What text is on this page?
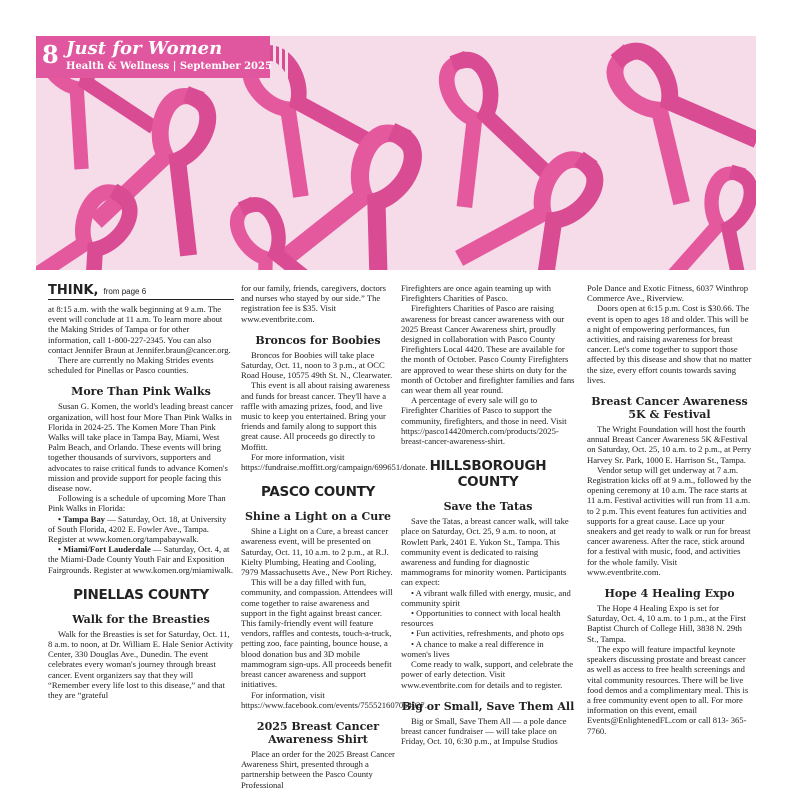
8 Just for Women
Health & Wellness | September 2025
THINK, from page 6

at 8:15 a.m. with the walk beginning at 9 a.m. The event will conclude at 11 a.m. To learn more about the Making Strides of Tampa or for other information, call 1-800-227-2345. You can also contact Jennifer Braun at Jennifer.braun@cancer.org.

There are currently no Making Strides events scheduled for Pinellas or Pasco counties.

More Than Pink Walks

Susan G. Komen, the world's leading breast cancer organization, will host four More Than Pink Walks in Florida in 2024-25. The Komen More Than Pink Walks will take place in Tampa Bay, Miami, West Palm Beach, and Orlando. These events will bring together thousands of survivors, supporters and advocates to raise critical funds to advance Komen's mission and provide support for people facing this disease now.

Following is a schedule of upcoming More Than Pink Walks in Florida:

• Tampa Bay — Saturday, Oct. 18, at University of South Florida, 4202 E. Fowler Ave., Tampa. Register at www.komen.org/tampabaywalk.

• Miami/Fort Lauderdale — Saturday, Oct. 4, at the Miami-Dade County Youth Fair and Exposition Fairgrounds. Register at www.komen.org/miamiwalk.

PINELLAS COUNTY
Walk for the Breasties

Walk for the Breasties is set for Saturday, Oct. 11, 8 a.m. to noon, at Dr. William E. Hale Senior Activity Center, 330 Douglas Ave., Dunedin. The event celebrates every woman's journey through breast cancer. Event organizers say that they will “Remember every life lost to this disease,” and that they are “grateful

for our family, friends, caregivers, doctors and nurses who stayed by our side.” The registration fee is $35. Visit www.eventbrite.com.

Broncos for Boobies

Broncos for Boobies will take place Saturday, Oct. 11, noon to 3 p.m., at OCC Road House, 10575 49th St. N., Clearwater.

This event is all about raising awareness and funds for breast cancer. They'll have a raffle with amazing prizes, food, and live music to keep you entertained. Bring your friends and family along to support this great cause. All proceeds go directly to Moffitt.

For more information, visit https://fundraise.moffitt.org/campaign/699651/donate.

PASCO COUNTY
Shine a Light on a Cure

Shine a Light on a Cure, a breast cancer awareness event, will be presented on Saturday, Oct. 11, 10 a.m. to 2 p.m., at R.J. Kielty Plumbing, Heating and Cooling, 7979 Massachusetts Ave., New Port Richey.

This will be a day filled with fun, community, and compassion. Attendees will come together to raise awareness and support in the fight against breast cancer. This family-friendly event will feature vendors, raffles and contests, touch-a-truck, petting zoo, face painting, bounce house, a blood donation bus and 3D mobile mammogram sign-ups. All proceeds benefit breast cancer awareness and support initiatives.

For information, visit https://www.facebook.com/events/755521607064927.

2025 Breast Cancer Awareness Shirt

Place an order for the 2025 Breast Cancer Awareness Shirt, presented through a partnership between the Pasco County Professional

Firefighters are once again teaming up with Firefighters Charities of Pasco.

Firefighters Charities of Pasco are raising awareness for breast cancer awareness with our 2025 Breast Cancer Awareness shirt, proudly designed in collaboration with Pasco County Firefighters Local 4420. These are available for the month of October. Pasco County Firefighters are approved to wear these shirts on duty for the month of October and firefighter families and fans can wear them all year round.

A percentage of every sale will go to Firefighter Charities of Pasco to support the community, firefighters, and those in need. Visit https://pasco14420merch.com/products/2025-breast-cancer-awareness-shirt.

HILLSBOROUGH COUNTY
Save the Tatas

Save the Tatas, a breast cancer walk, will take place on Saturday, Oct. 25, 9 a.m. to noon, at Rowlett Park, 2401 E. Yukon St., Tampa. This community event is dedicated to raising awareness and funding for diagnostic mammograms for minority women. Participants can expect:

• A vibrant walk filled with energy, music, and community spirit

• Opportunities to connect with local health resources

• Fun activities, refreshments, and photo ops

• A chance to make a real difference in women's lives

Come ready to walk, support, and celebrate the power of early detection. Visit www.eventbrite.com for details and to register.

Big or Small, Save Them All

Big or Small, Save Them All — a pole dance breast cancer fundraiser — will take place on Friday, Oct. 10, 6:30 p.m., at Impulse Studios

Pole Dance and Exotic Fitness, 6037 Winthrop Commerce Ave., Riverview.

Doors open at 6:15 p.m. Cost is $30.66. The event is open to ages 18 and older. This will be a night of empowering performances, fun activities, and raising awareness for breast cancer. Let's come together to support those affected by this disease and show that no matter the size, every effort counts towards saving lives.

Breast Cancer Awareness 5K & Festival

The Wright Foundation will host the fourth annual Breast Cancer Awareness 5K &Festival on Saturday, Oct. 25, 10 a.m. to 2 p.m., at Perry Harvey Sr. Park, 1000 E. Harrison St., Tampa.

Vendor setup will get underway at 7 a.m. Registration kicks off at 9 a.m., followed by the opening ceremony at 10 a.m. The race starts at 11 a.m. Festival activities will run from 11 a.m. to 2 p.m. This event features fun activities and supports for a great cause. Lace up your sneakers and get ready to walk or run for breast cancer awareness. After the race, stick around for a festival with music, food, and activities for the whole family. Visit www.eventbrite.com.

Hope 4 Healing Expo

The Hope 4 Healing Expo is set for Saturday, Oct. 4, 10 a.m. to 1 p.m., at the First Baptist Church of College Hill, 3838 N. 29th St., Tampa.

The expo will feature impactful keynote speakers discussing prostate and breast cancer as well as access to free health screenings and vital community resources. There will be live food demos and a complimentary meal. This is a free community event open to all. For more information on this event, email Events@EnlightenedFL.com or call 813- 365-7760.
